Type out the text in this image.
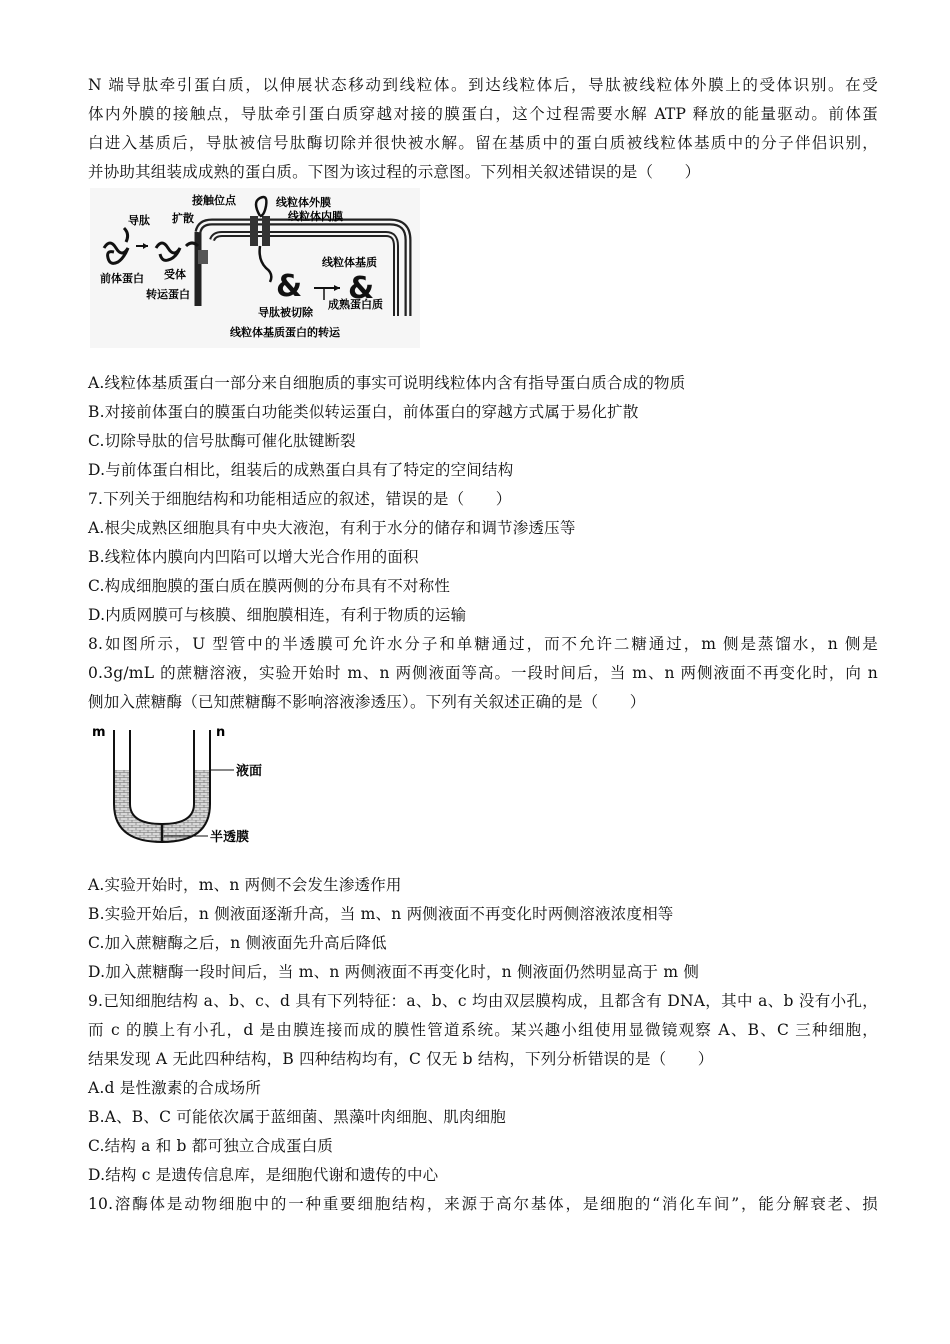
N 端导肽牵引蛋白质，以伸展状态移动到线粒体。到达线粒体后，导肽被线粒体外膜上的受体识别。在受
体内外膜的接触点，导肽牵引蛋白质穿越对接的膜蛋白，这个过程需要水解 ATP 释放的能量驱动。前体蛋
白进入基质后，导肽被信号肽酶切除并很快被水解。留在基质中的蛋白质被线粒体基质中的分子伴侣识别，
并协助其组装成成熟的蛋白质。下图为该过程的示意图。下列相关叙述错误的是（　　）
& &
导肽 扩散
接触位点	线粒体外膜
线粒体内膜
前体蛋白 受体
转运蛋白
线粒体基质
成熟蛋白质
导肽被切除
线粒体基质蛋白的转运
A.线粒体基质蛋白一部分来自细胞质的事实可说明线粒体内含有指导蛋白质合成的物质
B.对接前体蛋白的膜蛋白功能类似转运蛋白，前体蛋白的穿越方式属于易化扩散
C.切除导肽的信号肽酶可催化肽键断裂
D.与前体蛋白相比，组装后的成熟蛋白具有了特定的空间结构
7.下列关于细胞结构和功能相适应的叙述，错误的是（　　）
A.根尖成熟区细胞具有中央大液泡，有利于水分的储存和调节渗透压等
B.线粒体内膜向内凹陷可以增大光合作用的面积
C.构成细胞膜的蛋白质在膜两侧的分布具有不对称性
D.内质网膜可与核膜、细胞膜相连，有利于物质的运输
8.如图所示，U 型管中的半透膜可允许水分子和单糖通过，而不允许二糖通过，m 侧是蒸馏水，n 侧是
0.3g/mL 的蔗糖溶液，实验开始时 m、n 两侧液面等高。一段时间后，当 m、n 两侧液面不再变化时，向 n
侧加入蔗糖酶（已知蔗糖酶不影响溶液渗透压）。下列有关叙述正确的是（　　）
m	n
液面
半透膜
A.实验开始时，m、n 两侧不会发生渗透作用
B.实验开始后，n 侧液面逐渐升高，当 m、n 两侧液面不再变化时两侧溶液浓度相等
C.加入蔗糖酶之后，n 侧液面先升高后降低
D.加入蔗糖酶一段时间后，当 m、n 两侧液面不再变化时，n 侧液面仍然明显高于 m 侧
9.已知细胞结构 a、b、c、d 具有下列特征：a、b、c 均由双层膜构成，且都含有 DNA，其中 a、b 没有小孔，
而 c 的膜上有小孔，d 是由膜连接而成的膜性管道系统。某兴趣小组使用显微镜观察 A、B、C 三种细胞，
结果发现 A 无此四种结构，B 四种结构均有，C 仅无 b 结构，下列分析错误的是（　　）
A.d 是性激素的合成场所
B.A、B、C 可能依次属于蓝细菌、黑藻叶肉细胞、肌肉细胞
C.结构 a 和 b 都可独立合成蛋白质
D.结构 c 是遗传信息库，是细胞代谢和遗传的中心
10.溶酶体是动物细胞中的一种重要细胞结构，来源于高尔基体，是细胞的“消化车间”，能分解衰老、损
